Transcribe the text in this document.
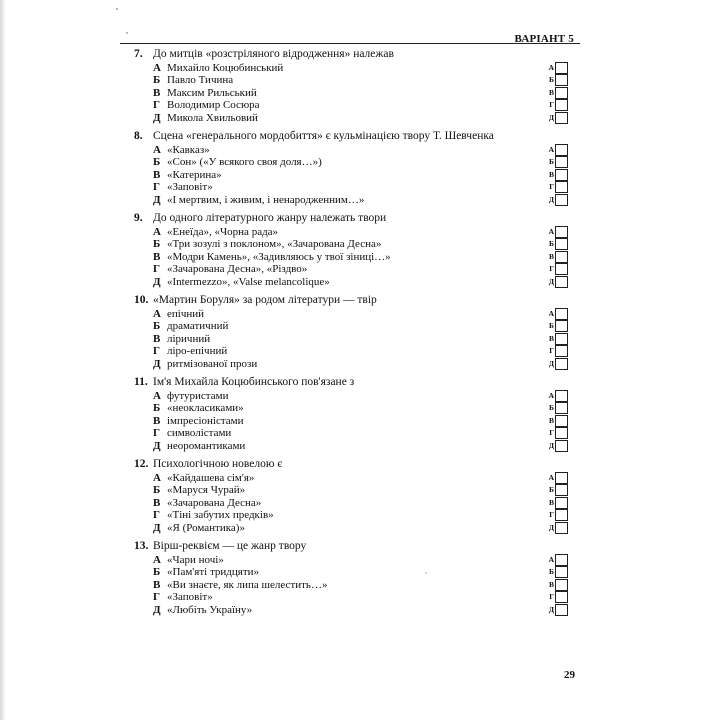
ВАРІАНТ 5
7. До митців «розстріляного відродження» належав
А Михайло Коцюбинський	А
Б Павло Тичина	Б
В Максим Рильський	В
Г Володимир Сосюра	Г
Д Микола Хвильовий	Д
8. Сцена «генерального мордобиття» є кульмінацією твору Т. Шевченка
А «Кавказ»	А
Б «Сон» («У всякого своя доля…»)	Б
В «Катерина»	В
Г «Заповіт»	Г
Д «І мертвим, і живим, і ненародженним…»	Д
9. До одного літературного жанру належать твори
А «Енеїда», «Чорна рада»	А
Б «Три зозулі з поклоном», «Зачарована Десна»	Б
В «Модри Камень», «Задивляюсь у твої зіниці…»	В
Г «Зачарована Десна», «Різдво»	Г
Д «Intermezzo», «Valse melancolique»	Д
10. «Мартин Боруля» за родом літератури — твір
А епічний	А
Б драматичний	Б
В ліричний	В
Г ліро-епічний	Г
Д ритмізованої прози	Д
11. Ім'я Михайла Коцюбинського пов'язане з
А футуристами	А
Б «неокласиками»	Б
В імпресіоністами	В
Г символістами	Г
Д неоромантиками	Д
12. Психологічною новелою є
А «Кайдашева сім'я»	А
Б «Маруся Чурай»	Б
В «Зачарована Десна»	В
Г «Тіні забутих предків»	Г
Д «Я (Романтика)»	Д
13. Вірш-реквієм — це жанр твору
А «Чари ночі»	А
Б «Пам'яті тридцяти»	Б
В «Ви знаєте, як липа шелестить…»	В
Г «Заповіт»	Г
Д «Любіть Україну»	Д
29
